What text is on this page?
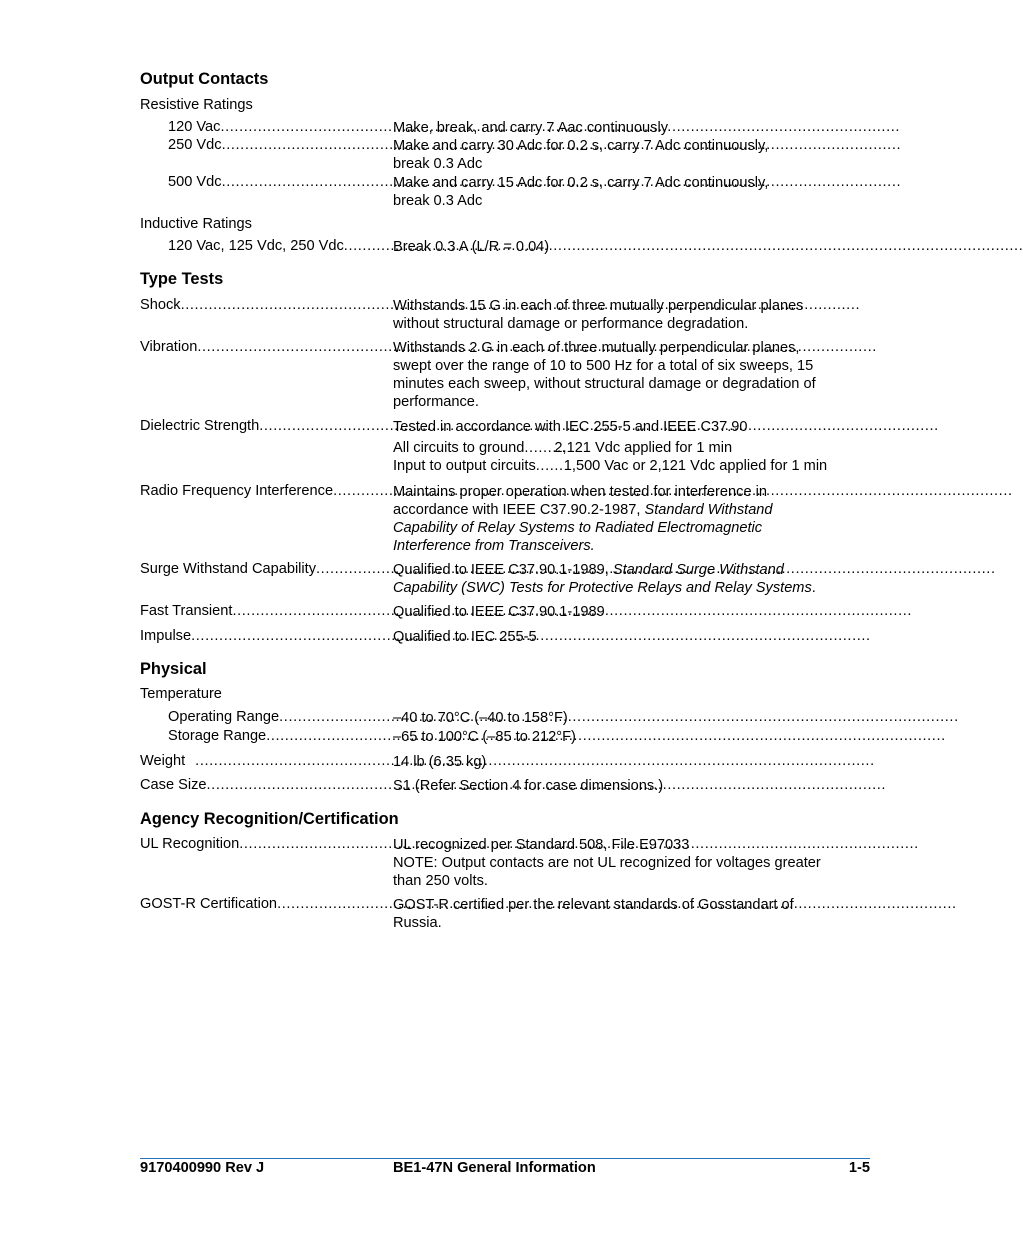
Output Contacts
Resistive Ratings
120 Vac .....	Make, break, and carry 7 Aac continuously
250 Vdc .....	Make and carry 30 Adc for 0.2 s, carry 7 Adc continuously,
break 0.3 Adc
500 Vdc .....	Make and carry 15 Adc for 0.2 s, carry 7 Adc continuously,
break 0.3 Adc
Inductive Ratings
120 Vac, 125 Vdc, 250 Vdc .....	Break 0.3 A (L/R = 0.04)
Type Tests
Shock .....	Withstands 15 G in each of three mutually perpendicular planes
without structural damage or performance degradation.
Vibration .....	Withstands 2 G in each of three mutually perpendicular planes,
swept over the range of 10 to 500 Hz for a total of six sweeps, 15
minutes each sweep, without structural damage or degradation of
performance.
Dielectric Strength .....	Tested in accordance with IEC 255-5 and IEEE C37.90
All circuits to ground .........
2,121 Vdc applied for 1 min
Input to output circuits ...... 1,500 Vac or 2,121 Vdc applied for 1 min
Radio Frequency Interference .....	Maintains proper operation when tested for interference in
accordance with IEEE C37.90.2-1987, Standard Withstand
Capability of Relay Systems to Radiated Electromagnetic
Interference from Transceivers.
Surge Withstand Capability .....	Qualified to IEEE C37.90.1-1989, Standard Surge Withstand
Capability (SWC) Tests for Protective Relays and Relay Systems.
Fast Transient .....	Qualified to IEEE C37.90.1-1989
Impulse .....	Qualified to IEC 255-5
Physical
Temperature
Operating Range .....	–40 to 70°C (–40 to 158°F)
Storage Range .....	–65 to 100°C (–85 to 212°F)
Weight .....	14 lb (6.35 kg)
Case Size .....	S1 (Refer Section 4 for case dimensions.)
Agency Recognition/Certification
UL Recognition .....	UL recognized per Standard 508, File E97033
NOTE: Output contacts are not UL recognized for voltages greater
than 250 volts.
GOST-R Certification .....	GOST-R certified per the relevant standards of Gosstandart of
Russia.
9170400990 Rev J	BE1-47N General Information	1-5
